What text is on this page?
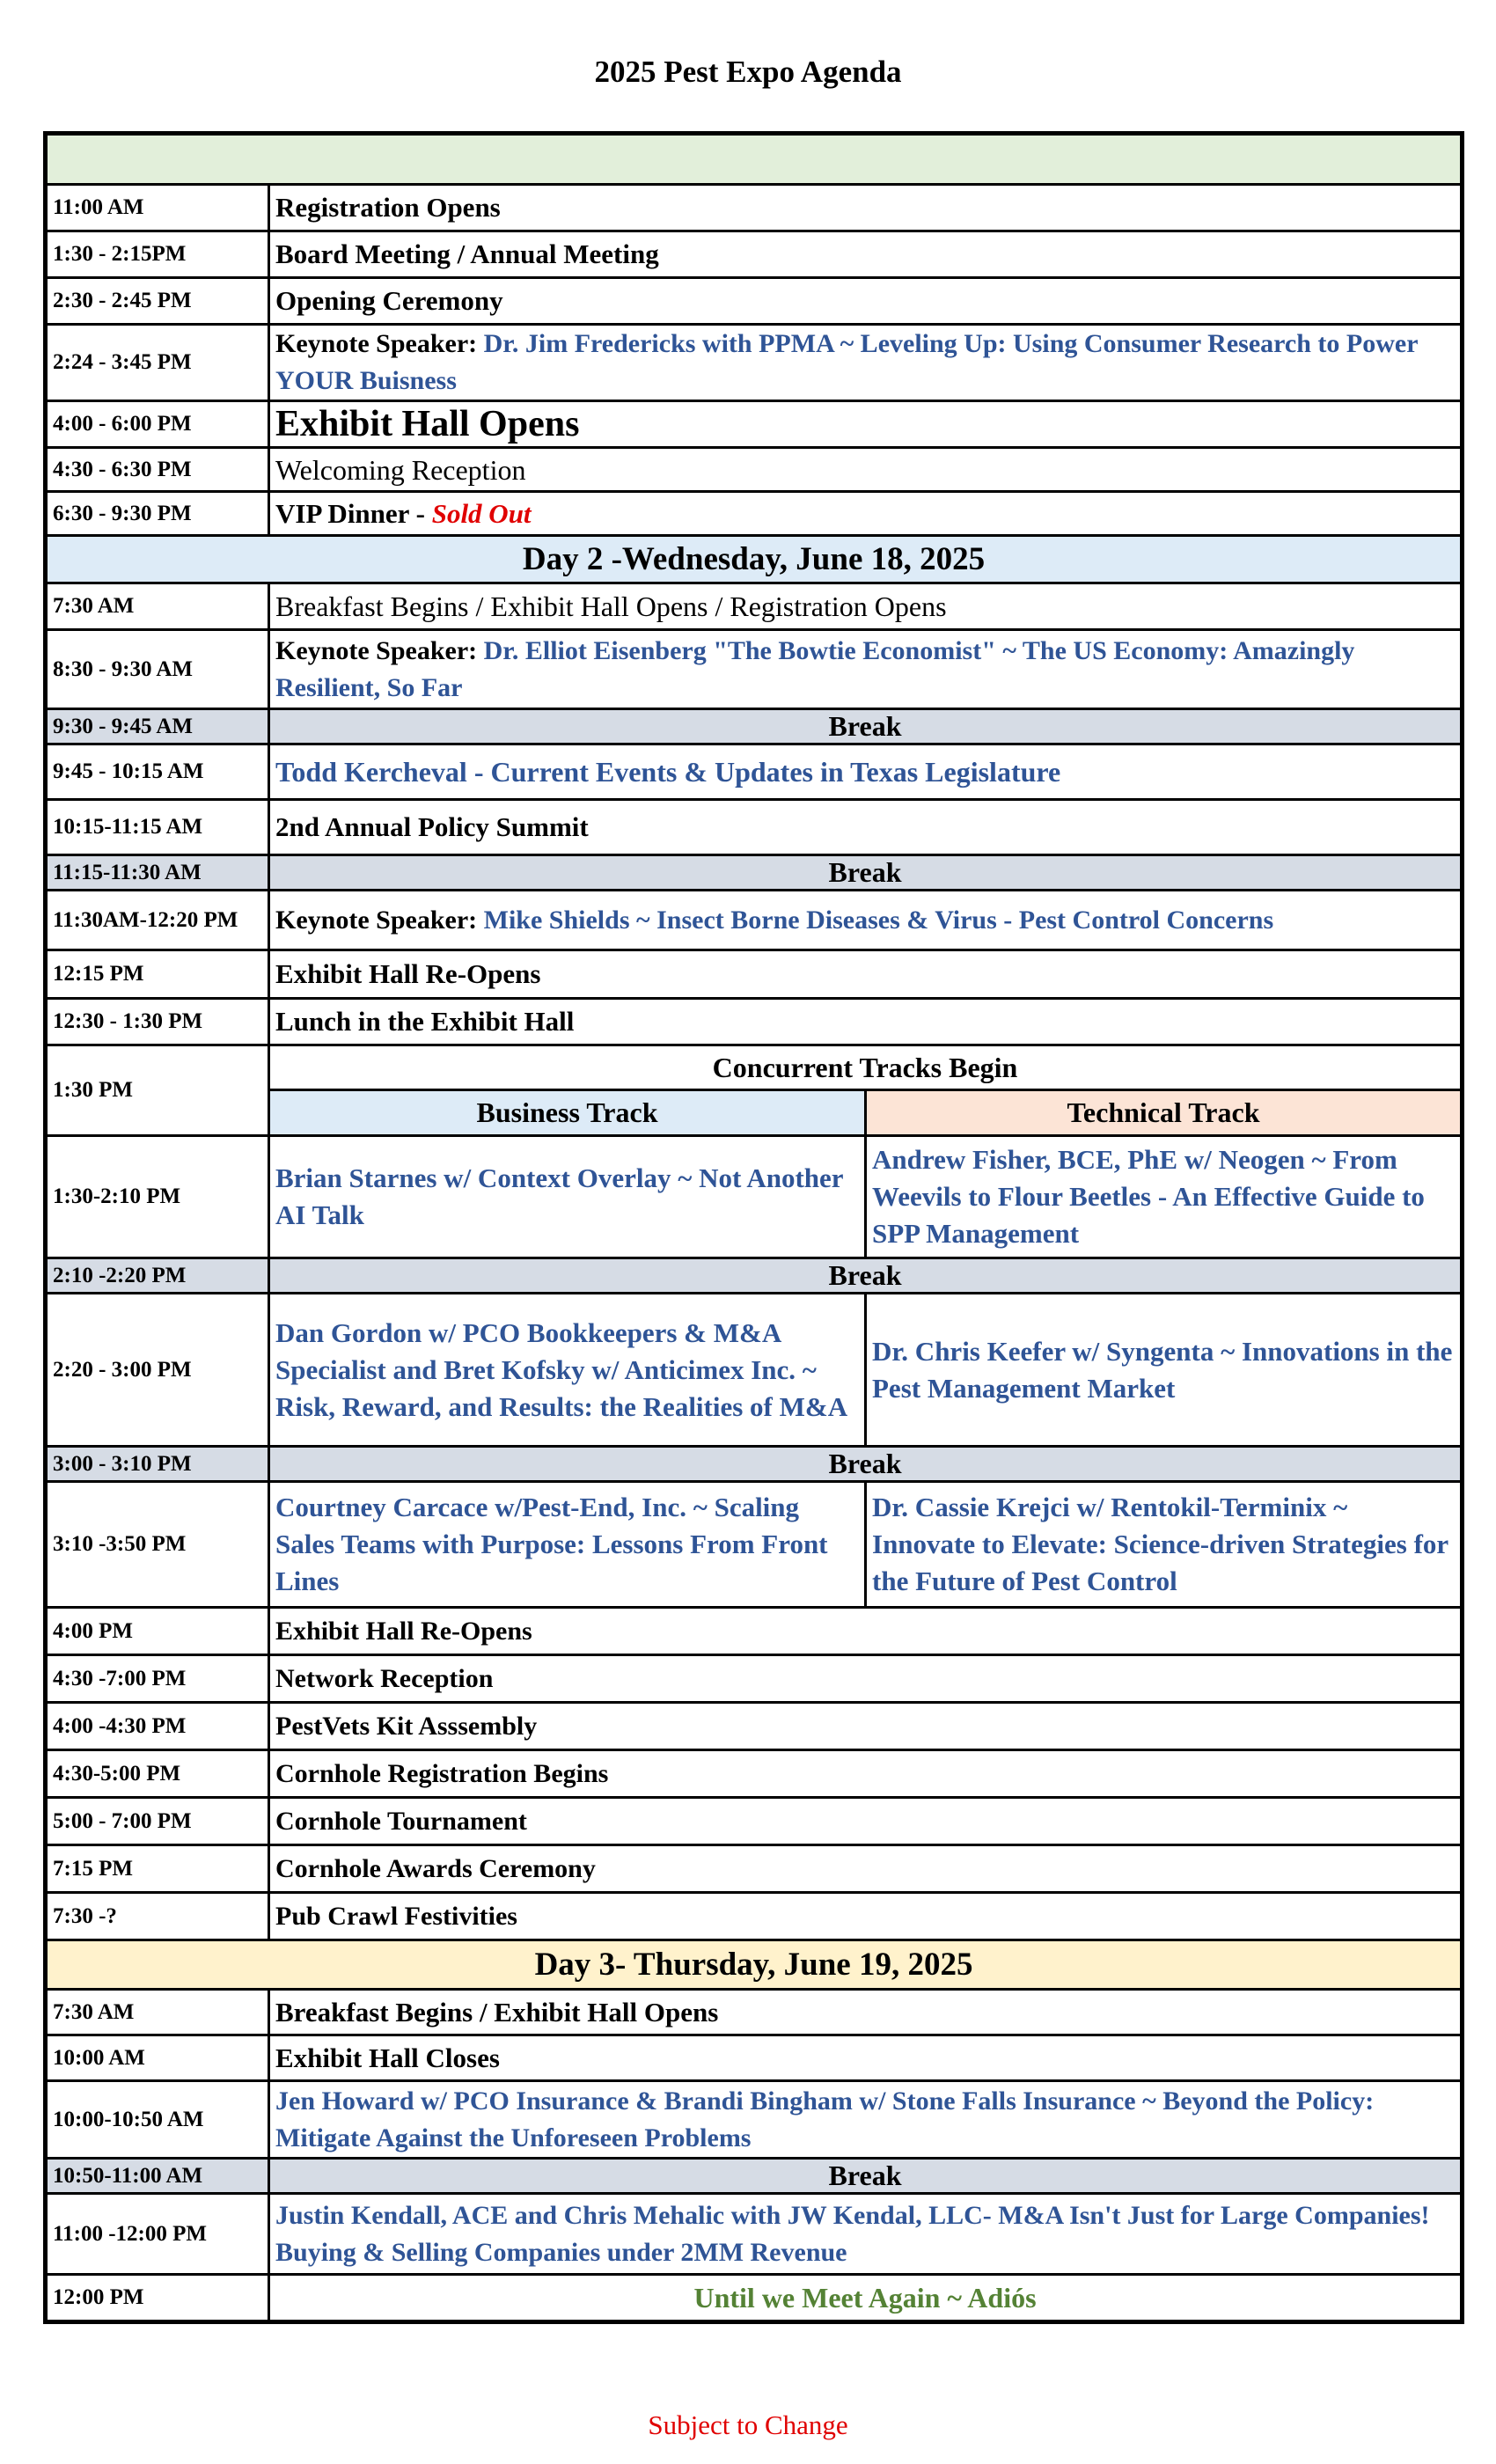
2025 Pest Expo Agenda

11:00 AM	Registration Opens	
1:30 - 2:15PM	Board Meeting / Annual Meeting	
2:30 - 2:45 PM	Opening Ceremony	
2:24 - 3:45 PM	Keynote Speaker: Dr. Jim Fredericks with PPMA ~ Leveling Up: Using Consumer Research to Power YOUR Buisness	
4:00 - 6:00 PM	Exhibit Hall Opens	
4:30 - 6:30 PM	Welcoming Reception	
6:30 - 9:30 PM	VIP Dinner - Sold Out	
Day 2 -Wednesday, June 18, 2025		
7:30 AM	Breakfast Begins / Exhibit Hall Opens / Registration Opens	
8:30 - 9:30 AM	Keynote Speaker: Dr. Elliot Eisenberg "The Bowtie Economist" ~ The US Economy: Amazingly Resilient, So Far	
9:30 - 9:45 AM	Break	
9:45 - 10:15 AM	Todd Kercheval - Current Events & Updates in Texas Legislature	
10:15-11:15 AM	2nd Annual Policy Summit	
11:15-11:30 AM	Break	
11:30AM-12:20 PM	Keynote Speaker: Mike Shields ~ Insect Borne Diseases & Virus - Pest Control Concerns	
12:15 PM	Exhibit Hall Re-Opens	
12:30 - 1:30 PM	Lunch in the Exhibit Hall	
1:30 PM	Concurrent Tracks Begin	
	Business Track	Technical Track
1:30-2:10 PM	Brian Starnes w/ Context Overlay ~ Not Another AI Talk	Andrew Fisher, BCE, PhE w/ Neogen ~ From Weevils to Flour Beetles - An Effective Guide to SPP Management
2:10 -2:20 PM	Break	
2:20 - 3:00 PM	Dan Gordon w/ PCO Bookkeepers & M&A Specialist and Bret Kofsky w/ Anticimex Inc. ~ Risk, Reward, and Results: the Realities of M&A	Dr. Chris Keefer w/ Syngenta ~ Innovations in the Pest Management Market
3:00 - 3:10 PM	Break	
3:10 -3:50 PM	Courtney Carcace w/Pest-End, Inc. ~ Scaling Sales Teams with Purpose: Lessons From Front Lines	Dr. Cassie Krejci w/ Rentokil-Terminix ~ Innovate to Elevate: Science-driven Strategies for the Future of Pest Control
4:00 PM	Exhibit Hall Re-Opens	
4:30 -7:00 PM	Network Reception	
4:00 -4:30 PM	PestVets Kit Asssembly	
4:30-5:00 PM	Cornhole Registration Begins	
5:00 - 7:00 PM	Cornhole Tournament	
7:15 PM	Cornhole Awards Ceremony	
7:30 -?	Pub Crawl Festivities	
Day 3- Thursday, June 19, 2025		
7:30 AM	Breakfast Begins / Exhibit Hall Opens	
10:00 AM	Exhibit Hall Closes	
10:00-10:50 AM	Jen Howard w/ PCO Insurance & Brandi Bingham w/ Stone Falls Insurance ~ Beyond the Policy: Mitigate Against the Unforeseen Problems	
10:50-11:00 AM	Break	
11:00 -12:00 PM	Justin Kendall, ACE and Chris Mehalic with JW Kendal, LLC- M&A Isn't Just for Large Companies! Buying & Selling Companies under 2MM Revenue	
12:00 PM	Until we Meet Again ~ Adiós	
Subject to Change
